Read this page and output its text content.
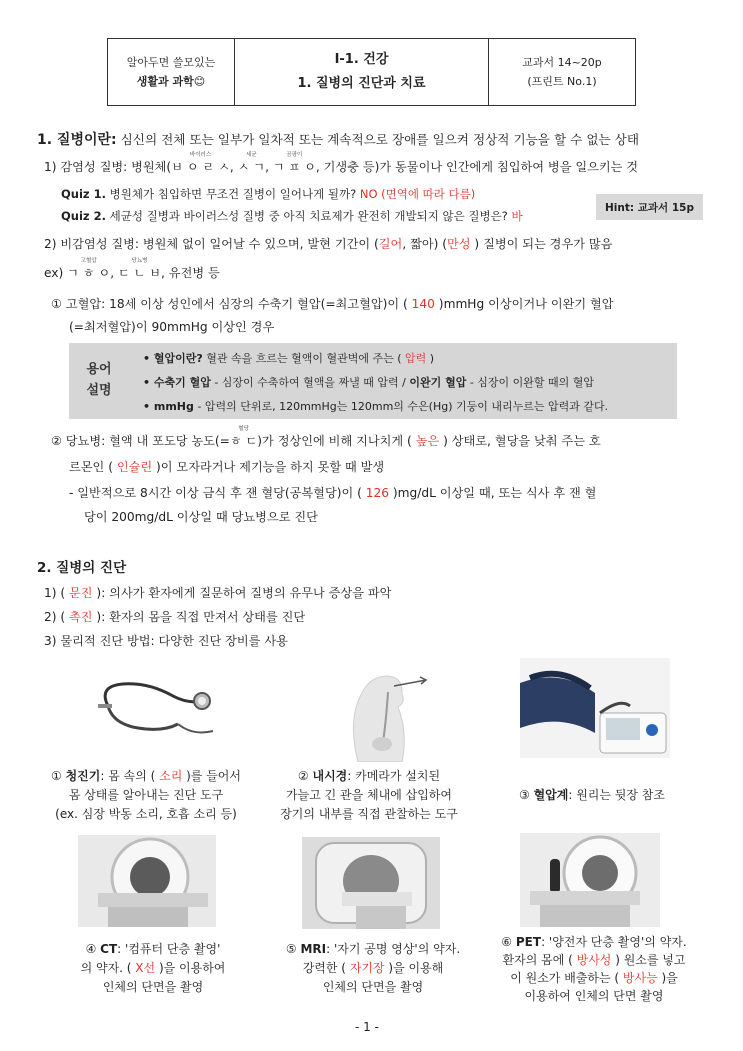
알아두면 쓸모있는
생활과 과학😊
Ⅰ-1. 건강
1. 질병의 진단과 치료
교과서 14~20p
(프린트 No.1)
1. 질병이란: 심신의 전체 또는 일부가 일차적 또는 계속적으로 장애를 일으켜 정상적 기능을 할 수 없는 상태
1) 감염성 질병: 병원체(ㅂ ㅇ ㄹ ㅅ
바이러스
, ㅅ ㄱ
세균
, ㄱ ㅍ ㅇ
곰팡이
, 기생충 등)가 동물이나 인간에게 침입하여 병을 일으키는 것
Quiz 1. 병원체가 침입하면 무조건 질병이 일어나게 될까? NO (면역에 따라 다름)
Quiz 2. 세균성 질병과 바이러스성 질병 중 아직 치료제가 완전히 개발되지 않은 질병은? 바
Hint: 교과서 15p
2) 비감염성 질병: 병원체 없이 일어날 수 있으며, 발현 기간이 (길어, 짧아) (만성 ) 질병이 되는 경우가 많음
ex) ㄱ ㅎ ㅇ
고혈압
, ㄷ ㄴ ㅂ
당뇨병
, 유전병 등
① 고혈압: 18세 이상 성인에서 심장의 수축기 혈압(=최고혈압)이 ( 140 )mmHg 이상이거나 이완기 혈압
(=최저혈압)이 90mmHg 이상인 경우
용어
설명
• 혈압이란? 혈관 속을 흐르는 혈액이 혈관벽에 주는 ( 압력 )
• 수축기 혈압 - 심장이 수축하여 혈액을 짜낼 때 압력 / 이완기 혈압 - 심장이 이완할 때의 혈압
• mmHg - 압력의 단위로, 120mmHg는 120mm의 수은(Hg) 기둥이 내리누르는 압력과 같다.
② 당뇨병: 혈액 내 포도당 농도(=ㅎ ㄷ
혈당
)가 정상인에 비해 지나치게 ( 높은 ) 상태로, 혈당을 낮춰 주는 호
르몬인 ( 인슐린 )이 모자라거나 제기능을 하지 못할 때 발생
- 일반적으로 8시간 이상 금식 후 잰 혈당(공복혈당)이 ( 126 )mg/dL 이상일 때, 또는 식사 후 잰 혈
당이 200mg/dL 이상일 때 당뇨병으로 진단
2. 질병의 진단
1) ( 문진 ): 의사가 환자에게 질문하여 질병의 유무나 증상을 파악
2) ( 촉진 ): 환자의 몸을 직접 만져서 상태를 진단
3) 물리적 진단 방법: 다양한 진단 장비를 사용
① 청진기: 몸 속의 ( 소리 )를 들어서
몸 상태를 알아내는 진단 도구
(ex. 심장 박동 소리, 호흡 소리 등)
② 내시경: 카메라가 설치된
가늘고 긴 관을 체내에 삽입하여
장기의 내부를 직접 관찰하는 도구
③ 혈압계: 원리는 뒷장 참조
④ CT: '컴퓨터 단층 촬영'
의 약자. ( X선 )을 이용하여
인체의 단면을 촬영
⑤ MRI: '자기 공명 영상'의 약자.
강력한 ( 자기장 )을 이용해
인체의 단면을 촬영
⑥ PET: '양전자 단층 촬영'의 약자.
환자의 몸에 ( 방사성 ) 원소를 넣고
이 원소가 배출하는 ( 방사능 )을
이용하여 인체의 단면 촬영
- 1 -
